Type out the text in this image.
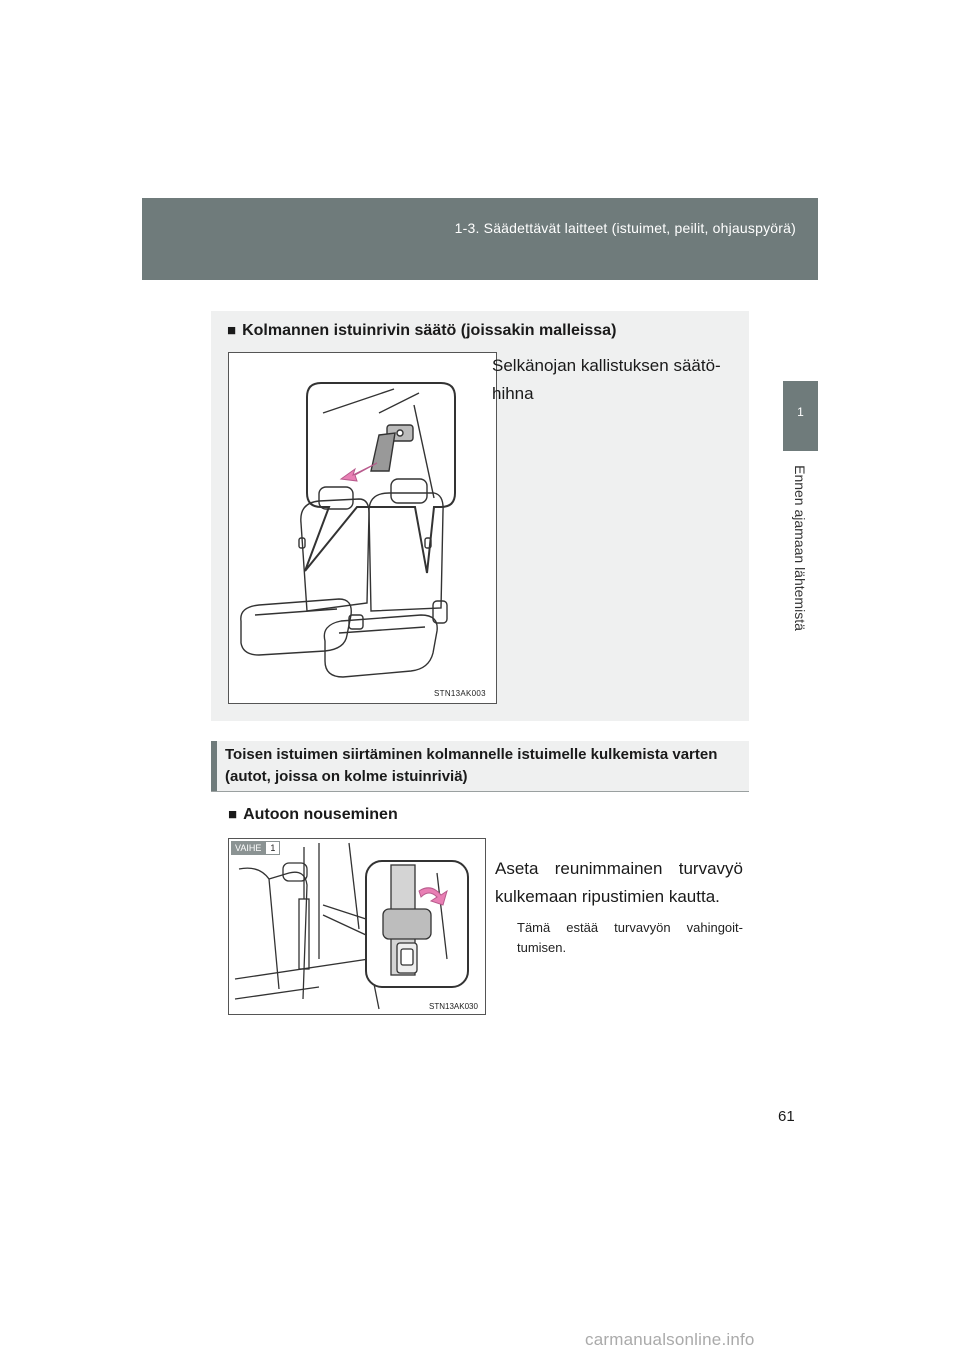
1-3. Säädettävät laitteet (istuimet, peilit, ohjauspyörä)
1
Ennen ajamaan lähtemistä
■ Kolmannen istuinrivin säätö (joissakin malleissa)
STN13AK003
Selkänojan kallistuksen säätö-hihna
Toisen istuimen siirtäminen kolmannelle istuimelle kulkemista varten (autot, joissa on kolme istuinriviä)
■ Autoon nouseminen
STN13AK030
VAIHE	1
Aseta reunimmainen turvavyö kulkemaan ripustimien kautta.
Tämä estää turvavyön vahingoit-tumisen.
61
carmanualsonline.info
